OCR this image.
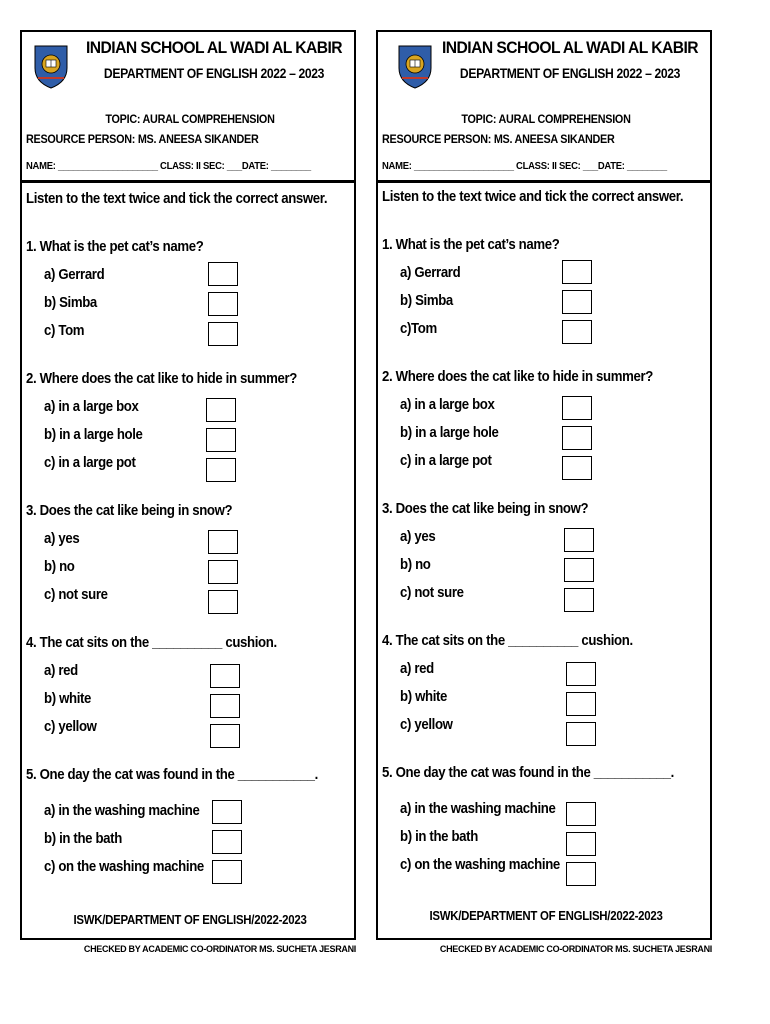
INDIAN SCHOOL AL WADI AL KABIR
DEPARTMENT OF ENGLISH 2022 – 2023
TOPIC: AURAL COMPREHENSION
RESOURCE PERSON: MS. ANEESA SIKANDER
NAME: ____________________ CLASS: II SEC: ___DATE: ________
Listen to the text twice and tick the correct answer.
1. What is the pet cat’s name?
a) Gerrard
b) Simba
c) Tom
2. Where does the cat like to hide in summer?
a) in a large box
b) in a large hole
c) in a large pot
3. Does the cat like being in snow?
a) yes
b) no
c) not sure
4. The cat sits on the __________ cushion.
a) red
b) white
c) yellow
5. One day the cat was found in the ___________.
a) in the washing machine
b) in the bath
c) on the washing machine
ISWK/DEPARTMENT OF ENGLISH/2022-2023
INDIAN SCHOOL AL WADI AL KABIR
DEPARTMENT OF ENGLISH 2022 – 2023
TOPIC: AURAL COMPREHENSION
RESOURCE PERSON: MS. ANEESA SIKANDER
NAME: ____________________ CLASS: II SEC: ___DATE: ________
Listen to the text twice and tick the correct answer.
1. What is the pet cat’s name?
a) Gerrard
b) Simba
c)Tom
2. Where does the cat like to hide in summer?
a) in a large box
b) in a large hole
c) in a large pot
3. Does the cat like being in snow?
a) yes
b) no
c) not sure
4. The cat sits on the __________ cushion.
a) red
b) white
c) yellow
5. One day the cat was found in the ___________.
a) in the washing machine
b) in the bath
c) on the washing machine
ISWK/DEPARTMENT OF ENGLISH/2022-2023
CHECKED BY ACADEMIC CO-ORDINATOR MS. SUCHETA JESRANI	CHECKED BY ACADEMIC CO-ORDINATOR MS. SUCHETA JESRANI
